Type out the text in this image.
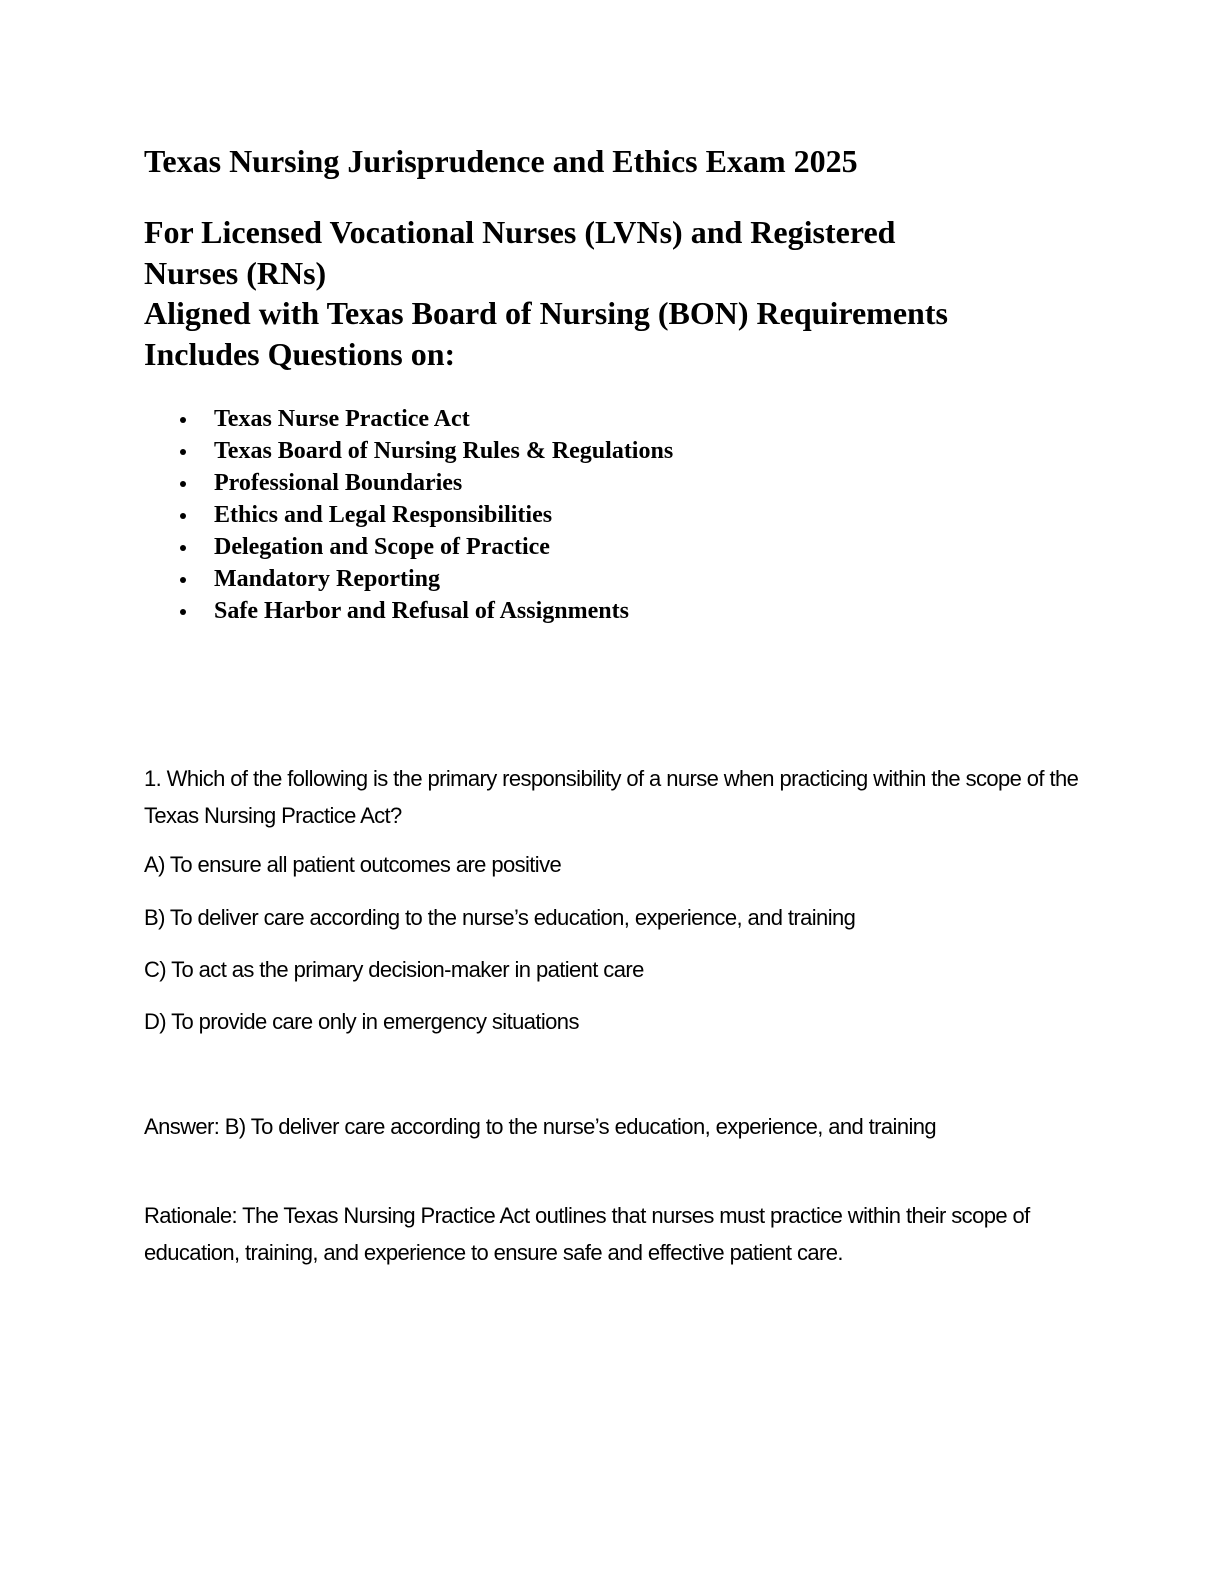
Texas Nursing Jurisprudence and Ethics Exam 2025
For Licensed Vocational Nurses (LVNs) and Registered
Nurses (RNs)
Aligned with Texas Board of Nursing (BON) Requirements
Includes Questions on:
Texas Nurse Practice Act
Texas Board of Nursing Rules & Regulations
Professional Boundaries
Ethics and Legal Responsibilities
Delegation and Scope of Practice
Mandatory Reporting
Safe Harbor and Refusal of Assignments
1. Which of the following is the primary responsibility of a nurse when practicing within the scope of the Texas Nursing Practice Act?
A) To ensure all patient outcomes are positive
B) To deliver care according to the nurse’s education, experience, and training
C) To act as the primary decision-maker in patient care
D) To provide care only in emergency situations
Answer: B) To deliver care according to the nurse’s education, experience, and training
Rationale: The Texas Nursing Practice Act outlines that nurses must practice within their scope of education, training, and experience to ensure safe and effective patient care.
